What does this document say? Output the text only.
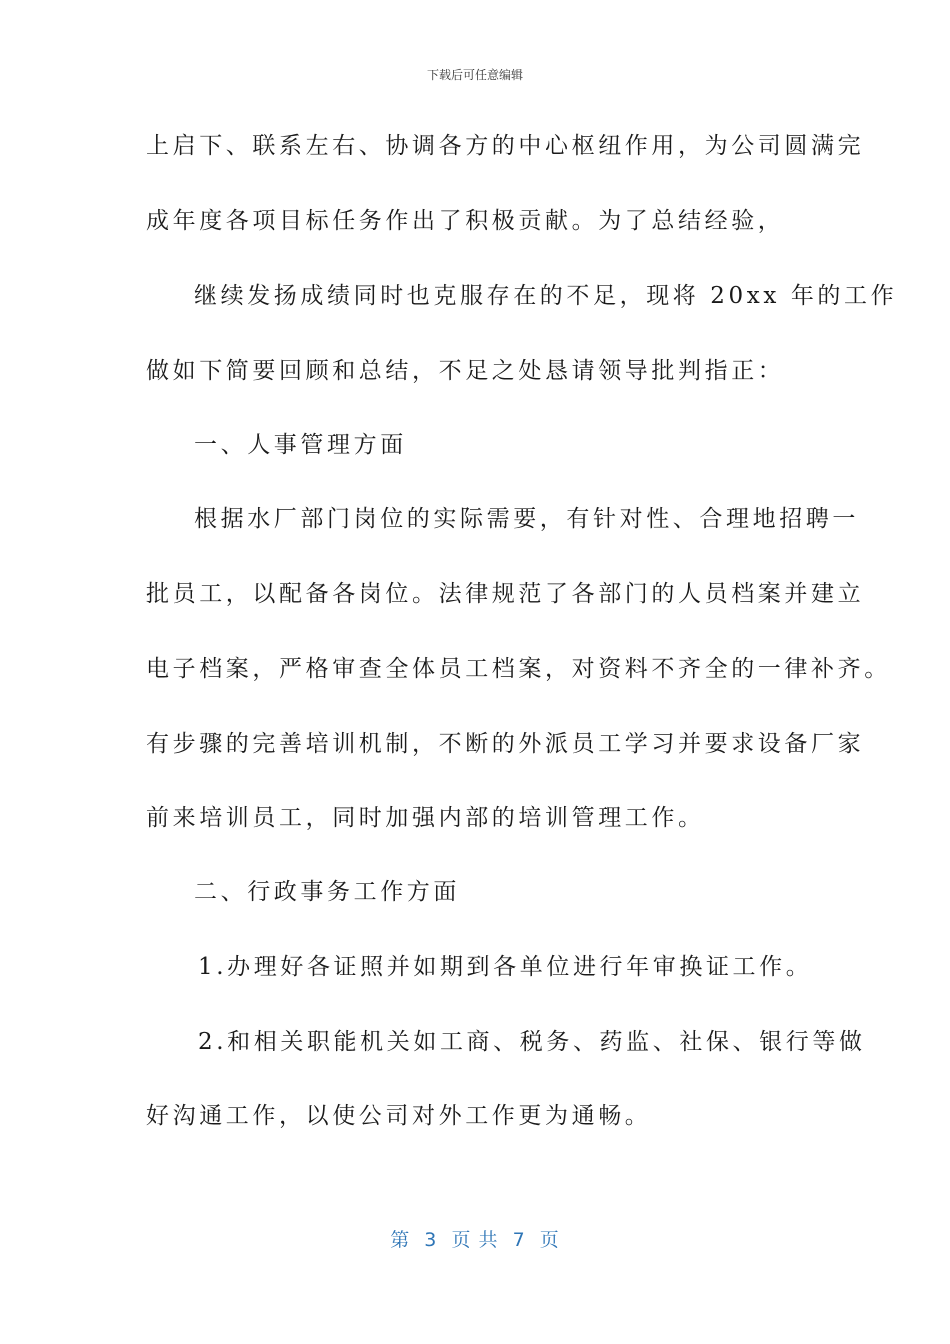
下载后可任意编辑
上启下、联系左右、协调各方的中心枢纽作用，为公司圆满完
成年度各项目标任务作出了积极贡献。为了总结经验，
继续发扬成绩同时也克服存在的不足，现将 20xx 年的工作
做如下简要回顾和总结，不足之处恳请领导批判指正：
一、人事管理方面
根据水厂部门岗位的实际需要，有针对性、合理地招聘一
批员工，以配备各岗位。法律规范了各部门的人员档案并建立
电子档案，严格审查全体员工档案，对资料不齐全的一律补齐。
有步骤的完善培训机制，不断的外派员工学习并要求设备厂家
前来培训员工，同时加强内部的培训管理工作。
二、行政事务工作方面
1.办理好各证照并如期到各单位进行年审换证工作。
2.和相关职能机关如工商、税务、药监、社保、银行等做
好沟通工作，以使公司对外工作更为通畅。
第  3  页 共  7  页
